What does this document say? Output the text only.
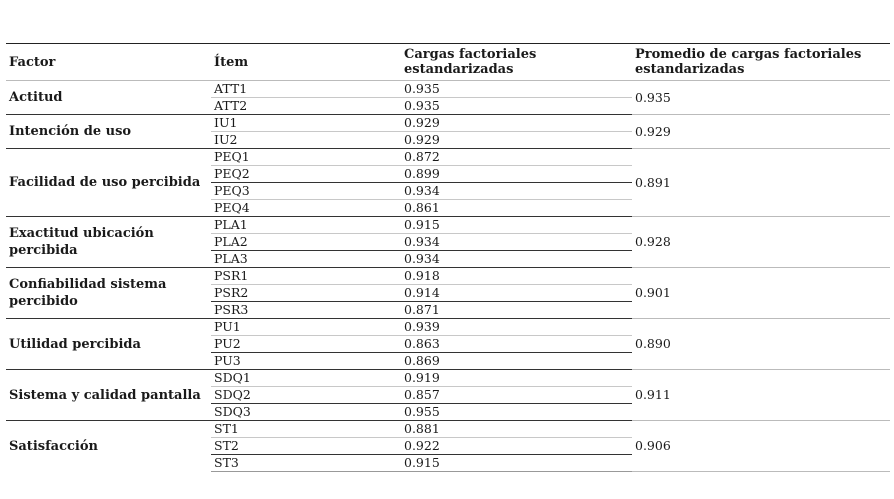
Factor	Ítem	Cargas factoriales estandarizadas	Promedio de cargas factoriales estandarizadas
Actitud	ATT1	0.935	0.935
	ATT2	0.935	
Intención de uso	IU1	0.929	0.929
	IU2	0.929	
Facilidad de uso percibida	PEQ1	0.872	0.891
	PEQ2	0.899	
	PEQ3	0.934	
	PEQ4	0.861	
Exactitud ubicación percibida	PLA1	0.915	0.928
	PLA2	0.934	
	PLA3	0.934	
Confiabilidad sistema percibido	PSR1	0.918	0.901
	PSR2	0.914	
	PSR3	0.871	
Utilidad percibida	PU1	0.939	0.890
	PU2	0.863	
	PU3	0.869	
Sistema y calidad pantalla	SDQ1	0.919	0.911
	SDQ2	0.857	
	SDQ3	0.955	
Satisfacción	ST1	0.881	0.906
	ST2	0.922	
	ST3	0.915	
